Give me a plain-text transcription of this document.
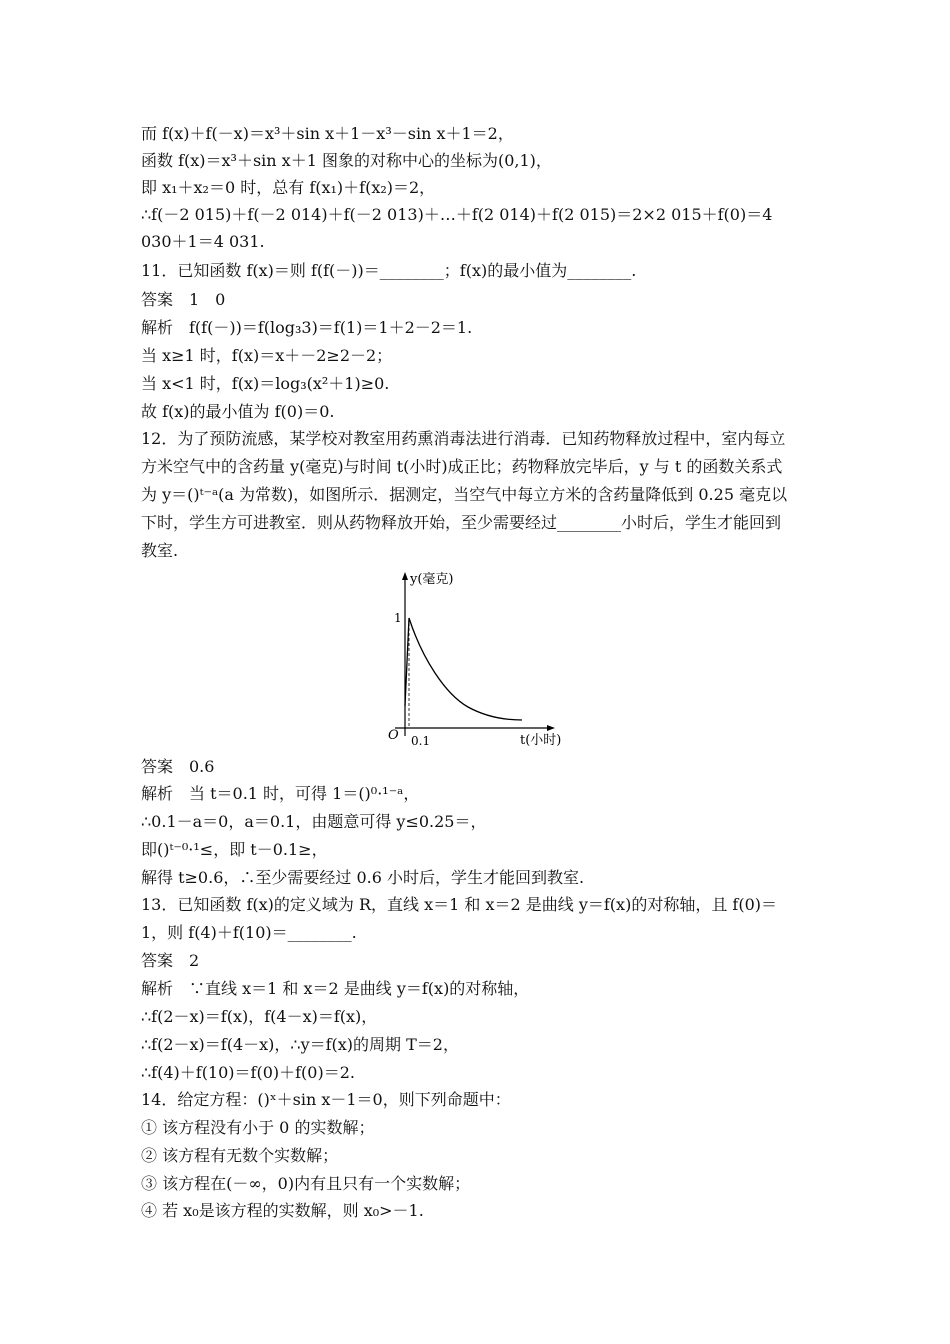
而 f(x)＋f(－x)＝x³＋sin x＋1－x³－sin x＋1＝2，
函数 f(x)＝x³＋sin x＋1 图象的对称中心的坐标为(0,1)，
即 x₁＋x₂＝0 时，总有 f(x₁)＋f(x₂)＝2，
∴f(－2 015)＋f(－2 014)＋f(－2 013)＋…＋f(2 014)＋f(2 015)＝2×2 015＋f(0)＝4
030＋1＝4 031.
11．已知函数 f(x)＝则 f(f(－))＝________；f(x)的最小值为________.
答案　1　0
解析　f(f(－))＝f(log₃3)＝f(1)＝1＋2－2＝1.
当 x≥1 时，f(x)＝x＋－2≥2－2；
当 x<1 时，f(x)＝log₃(x²＋1)≥0.
故 f(x)的最小值为 f(0)＝0.
12．为了预防流感，某学校对教室用药熏消毒法进行消毒．已知药物释放过程中，室内每立
方米空气中的含药量 y(毫克)与时间 t(小时)成正比；药物释放完毕后，y 与 t 的函数关系式
为 y＝()ᵗ⁻ᵃ(a 为常数)，如图所示．据测定，当空气中每立方米的含药量降低到 0.25 毫克以
下时，学生方可进教室．则从药物释放开始，至少需要经过________小时后，学生才能回到
教室.
y(毫克)
t(小时)
O
1
0.1
答案　0.6
解析　当 t＝0.1 时，可得 1＝()⁰·¹⁻ᵃ，
∴0.1－a＝0，a＝0.1，由题意可得 y≤0.25＝，
即()ᵗ⁻⁰·¹≤，即 t－0.1≥，
解得 t≥0.6，∴至少需要经过 0.6 小时后，学生才能回到教室.
13．已知函数 f(x)的定义域为 R，直线 x＝1 和 x＝2 是曲线 y＝f(x)的对称轴，且 f(0)＝
1，则 f(4)＋f(10)＝________.
答案　2
解析　∵直线 x＝1 和 x＝2 是曲线 y＝f(x)的对称轴，
∴f(2－x)＝f(x)，f(4－x)＝f(x)，
∴f(2－x)＝f(4－x)，∴y＝f(x)的周期 T＝2，
∴f(4)＋f(10)＝f(0)＋f(0)＝2.
14．给定方程：()ˣ＋sin x－1＝0，则下列命题中：
① 该方程没有小于 0 的实数解；
② 该方程有无数个实数解；
③ 该方程在(－∞，0)内有且只有一个实数解；
④ 若 x₀是该方程的实数解，则 x₀>－1.
